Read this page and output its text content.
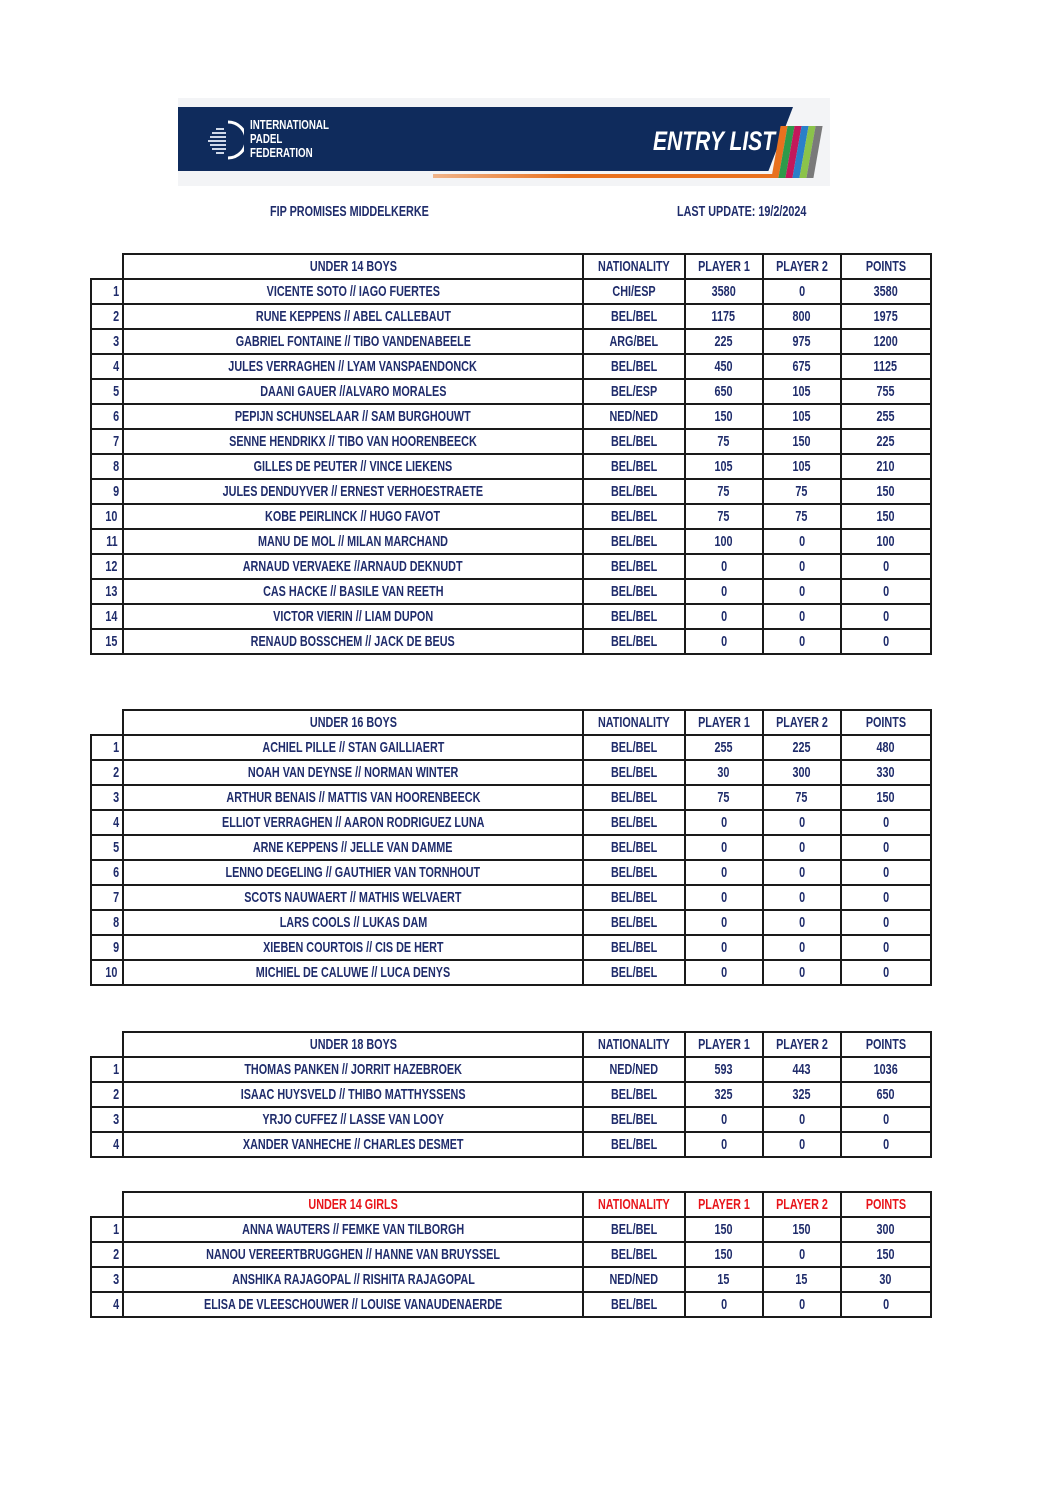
INTERNATIONAL
PADEL
FEDERATION	ENTRY LIST
FIP PROMISES MIDDELKERKE	LAST UPDATE: 19/2/2024
	UNDER 14 BOYS	NATIONALITY	PLAYER 1	PLAYER 2	POINTS
1	VICENTE SOTO // IAGO FUERTES	CHI/ESP	3580	0	3580
2	RUNE KEPPENS // ABEL CALLEBAUT	BEL/BEL	1175	800	1975
3	GABRIEL FONTAINE // TIBO VANDENABEELE	ARG/BEL	225	975	1200
4	JULES VERRAGHEN // LYAM VANSPAENDONCK	BEL/BEL	450	675	1125
5	DAANI GAUER //ALVARO MORALES	BEL/ESP	650	105	755
6	PEPIJN SCHUNSELAAR // SAM BURGHOUWT	NED/NED	150	105	255
7	SENNE HENDRIKX // TIBO VAN HOORENBEECK	BEL/BEL	75	150	225
8	GILLES DE PEUTER // VINCE LIEKENS	BEL/BEL	105	105	210
9	JULES DENDUYVER // ERNEST VERHOESTRAETE	BEL/BEL	75	75	150
10	KOBE PEIRLINCK // HUGO FAVOT	BEL/BEL	75	75	150
11	MANU DE MOL // MILAN MARCHAND	BEL/BEL	100	0	100
12	ARNAUD VERVAEKE //ARNAUD DEKNUDT	BEL/BEL	0	0	0
13	CAS HACKE // BASILE VAN REETH	BEL/BEL	0	0	0
14	VICTOR VIERIN // LIAM DUPON	BEL/BEL	0	0	0
15	RENAUD BOSSCHEM // JACK DE BEUS	BEL/BEL	0	0	0
	UNDER 16 BOYS	NATIONALITY	PLAYER 1	PLAYER 2	POINTS
1	ACHIEL PILLE // STAN GAILLIAERT	BEL/BEL	255	225	480
2	NOAH VAN DEYNSE // NORMAN WINTER	BEL/BEL	30	300	330
3	ARTHUR BENAIS // MATTIS VAN HOORENBEECK	BEL/BEL	75	75	150
4	ELLIOT VERRAGHEN // AARON RODRIGUEZ LUNA	BEL/BEL	0	0	0
5	ARNE KEPPENS // JELLE VAN DAMME	BEL/BEL	0	0	0
6	LENNO DEGELING // GAUTHIER VAN TORNHOUT	BEL/BEL	0	0	0
7	SCOTS NAUWAERT // MATHIS WELVAERT	BEL/BEL	0	0	0
8	LARS COOLS // LUKAS DAM	BEL/BEL	0	0	0
9	XIEBEN COURTOIS // CIS DE HERT	BEL/BEL	0	0	0
10	MICHIEL DE CALUWE // LUCA DENYS	BEL/BEL	0	0	0
	UNDER 18 BOYS	NATIONALITY	PLAYER 1	PLAYER 2	POINTS
1	THOMAS PANKEN // JORRIT HAZEBROEK	NED/NED	593	443	1036
2	ISAAC HUYSVELD // THIBO MATTHYSSENS	BEL/BEL	325	325	650
3	YRJO CUFFEZ // LASSE VAN LOOY	BEL/BEL	0	0	0
4	XANDER VANHECHE // CHARLES DESMET	BEL/BEL	0	0	0
	UNDER 14 GIRLS	NATIONALITY	PLAYER 1	PLAYER 2	POINTS
1	ANNA WAUTERS // FEMKE VAN TILBORGH	BEL/BEL	150	150	300
2	NANOU VEREERTBRUGGHEN // HANNE VAN BRUYSSEL	BEL/BEL	150	0	150
3	ANSHIKA RAJAGOPAL // RISHITA RAJAGOPAL	NED/NED	15	15	30
4	ELISA DE VLEESCHOUWER // LOUISE VANAUDENAERDE	BEL/BEL	0	0	0
